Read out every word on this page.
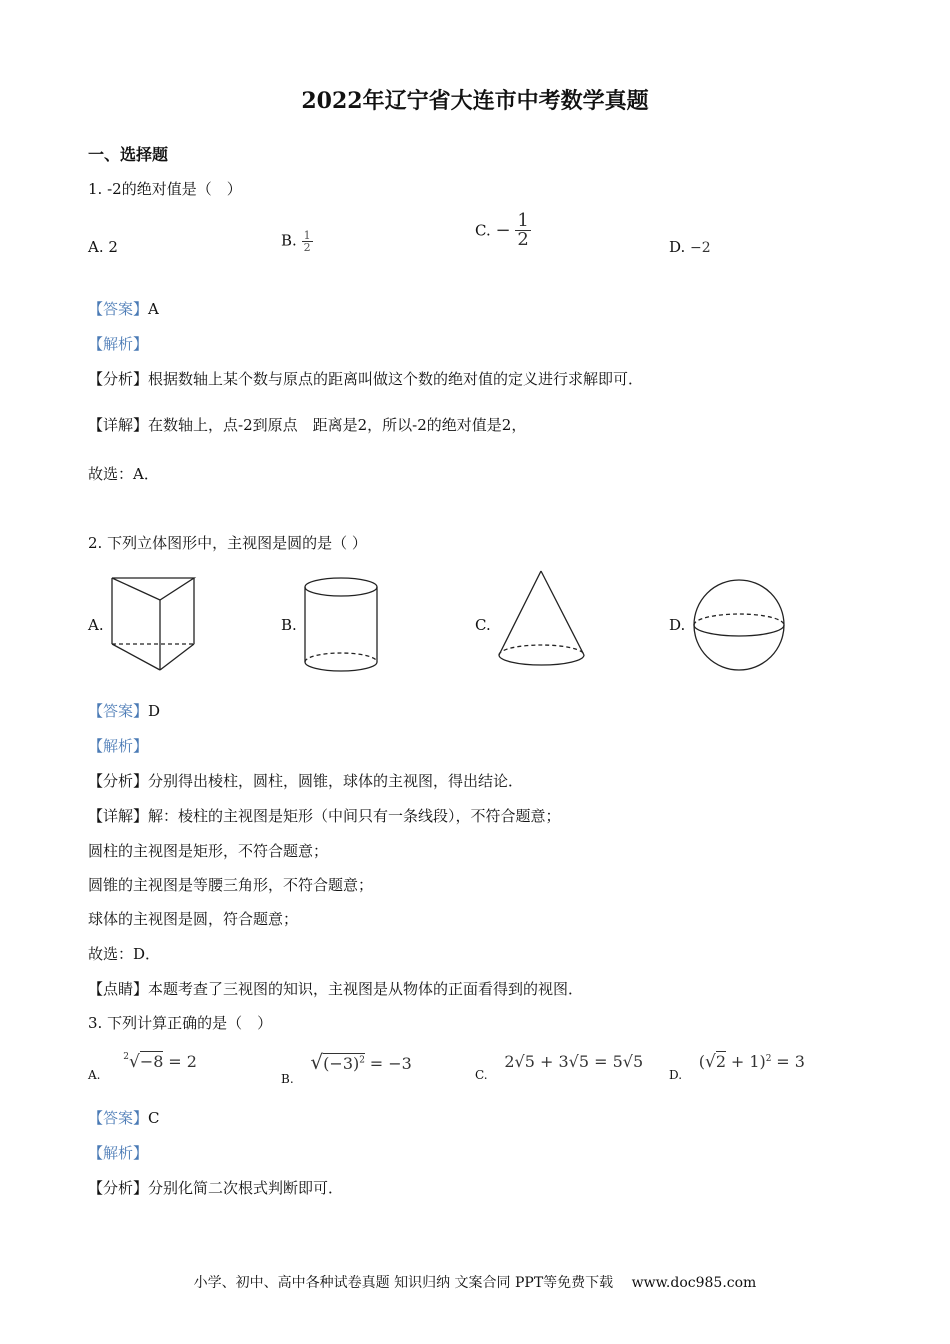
2022年辽宁省大连市中考数学真题
一、选择题
1. -2的绝对值是（　）
A. 2	B. $\frac{1}{2}$	C. − $\frac{1}{2}$	D. −2
【答案】A
【解析】
【分析】根据数轴上某个数与原点的距离叫做这个数的绝对值的定义进行求解即可．
【详解】在数轴上，点-2到原点　距离是2，所以-2的绝对值是2，
故选：A．
2. 下列立体图形中，主视图是圆的是（ ）
A.	B.	C.	D.
【答案】D
【解析】
【分析】分别得出棱柱，圆柱，圆锥，球体的主视图，得出结论．
【详解】解：棱柱的主视图是矩形（中间只有一条线段），不符合题意；
圆柱的主视图是矩形，不符合题意；
圆锥的主视图是等腰三角形，不符合题意；
球体的主视图是圆，符合题意；
故选：D．
【点睛】本题考查了三视图的知识，主视图是从物体的正面看得到的视图．
3. 下列计算正确的是（　）
$_{A.}$ $^2$√−8 = 2
$_{B.}$ $√(-3)^2 = -3$
$_{C.}$ 2√5 + 3√5 = 5√5
$_{D.}$ $(√2 + 1)^2 = 3$
【答案】C
【解析】
【分析】分别化简二次根式判断即可．
小学、初中、高中各种试卷真题 知识归纳 文案合同 PPT等免费下载　 www.doc985.com
